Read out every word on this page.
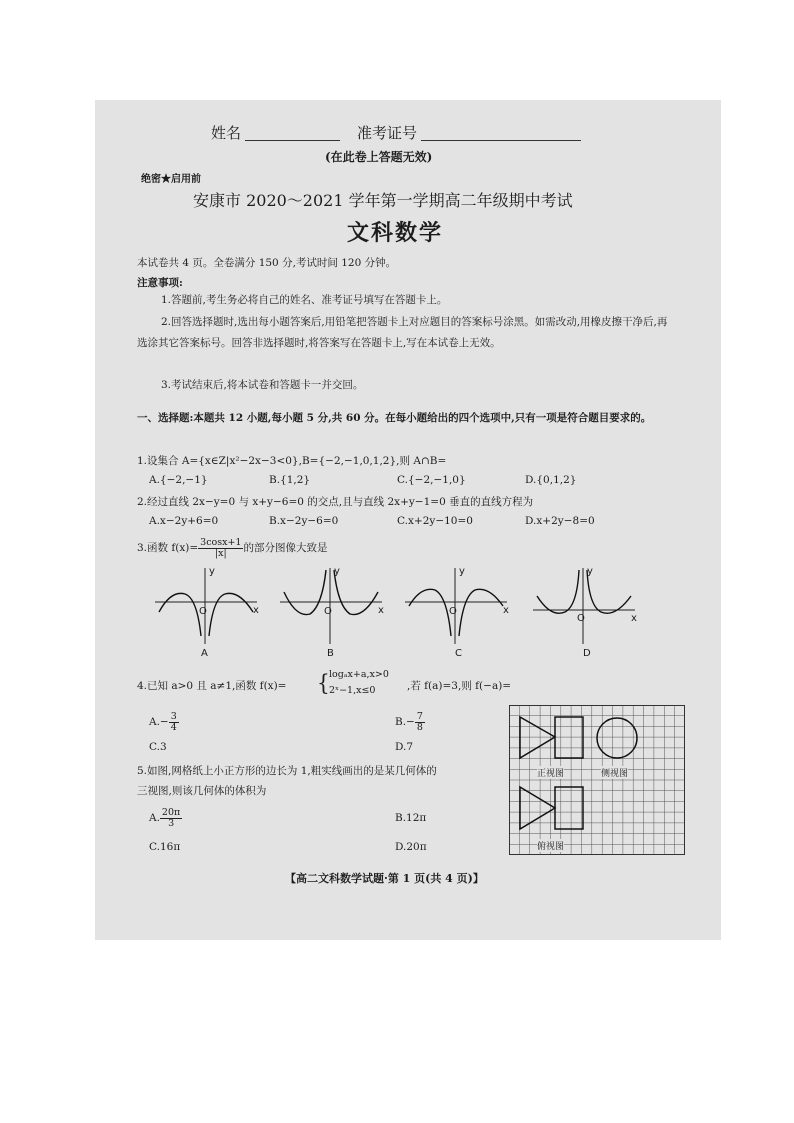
姓名	准考证号
(在此卷上答题无效)
绝密★启用前
安康市 2020～2021 学年第一学期高二年级期中考试
文科数学
本试卷共 4 页。全卷满分 150 分,考试时间 120 分钟。
注意事项:
1.答题前,考生务必将自己的姓名、准考证号填写在答题卡上。
2.回答选择题时,选出每小题答案后,用铅笔把答题卡上对应题目的答案标号涂黑。如需改动,用橡皮擦干净后,再选涂其它答案标号。回答非选择题时,将答案写在答题卡上,写在本试卷上无效。
3.考试结束后,将本试卷和答题卡一并交回。
一、选择题:本题共 12 小题,每小题 5 分,共 60 分。在每小题给出的四个选项中,只有一项是符合题目要求的。
1.设集合 A={x∈Z|x²−2x−3<0},B={−2,−1,0,1,2},则 A∩B=
A.{−2,−1}	B.{1,2}	C.{−2,−1,0}	D.{0,1,2}
2.经过直线 2x−y=0 与 x+y−6=0 的交点,且与直线 2x+y−1=0 垂直的直线方程为
A.x−2y+6=0	B.x−2y−6=0	C.x+2y−10=0	D.x+2y−8=0
3.函数 $f(x)= \frac{3\cos x+1}{|x|}$ 的部分图像大致是
y
x
O
A
y
x
O
B
y
x
O
C
y
x
O
D
4.已知 a>0 且 a≠1,函数 f(x)= { logₐx+a,x>0
2ˣ−1,x≤0	,若 f(a)=3,则 f(−a)=
$A.- \frac{3}{4}$	$B.- \frac{7}{8}$
C.3	D.7
5.如图,网格纸上小正方形的边长为 1,粗实线画出的是某几何体的
三视图,则该几何体的体积为
A. $\frac{20\pi}{3}$	B.12π
C.16π	D.20π
正视图	侧视图
俯视图
【高二文科数学试题·第 1 页(共 4 页)】
